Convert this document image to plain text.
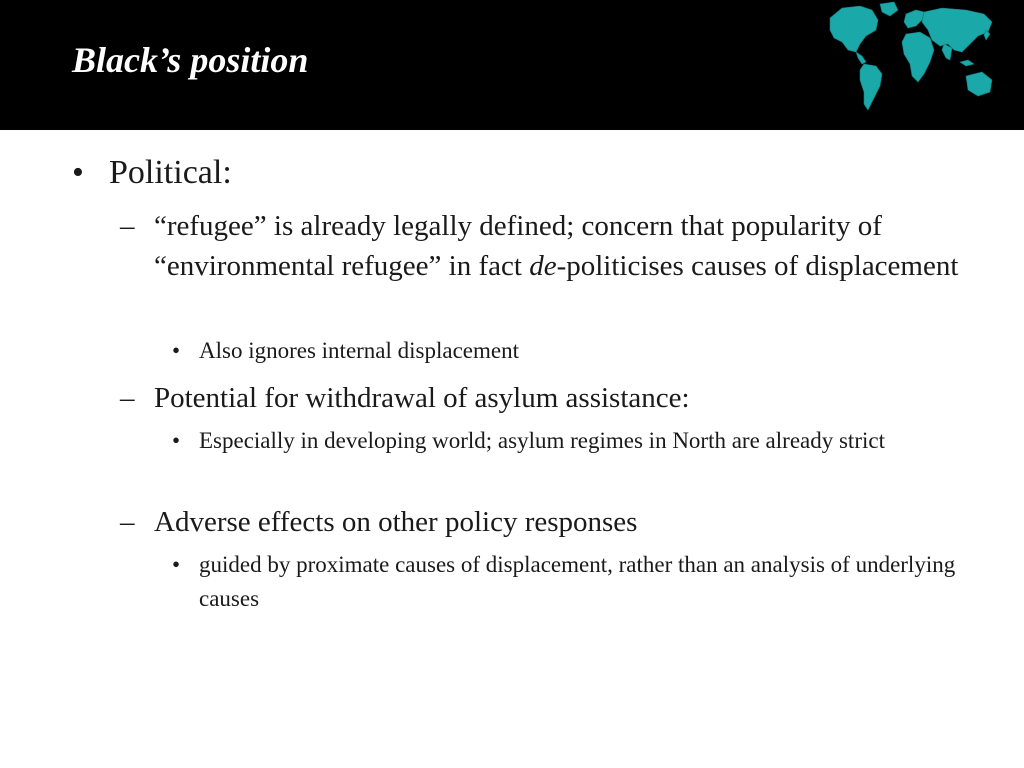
Black’s position
• Political:
– “refugee” is already legally defined; concern that popularity of “environmental refugee” in fact de-politicises causes of displacement
• Also ignores internal displacement
– Potential for withdrawal of asylum assistance:
• Especially in developing world; asylum regimes in North are already strict
– Adverse effects on other policy responses
• guided by proximate causes of displacement, rather than an analysis of underlying causes
